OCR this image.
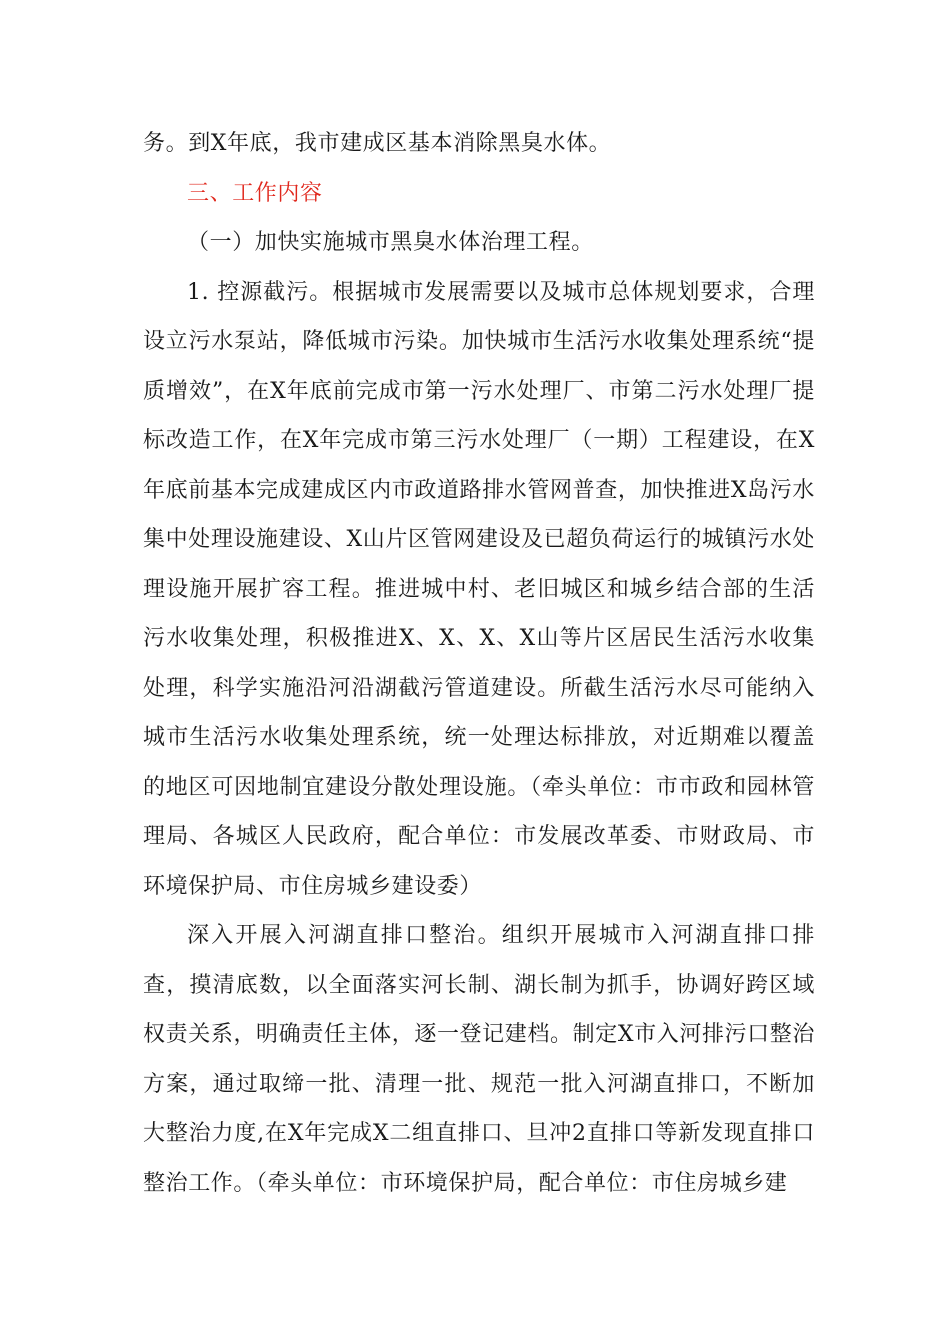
务。到X年底，我市建成区基本消除黑臭水体。

三、工作内容

（一）加快实施城市黑臭水体治理工程。

1. 控源截污。根据城市发展需要以及城市总体规划要求，合理设立污水泵站，降低城市污染。加快城市生活污水收集处理系统“提质增效”，在X年底前完成市第一污水处理厂、市第二污水处理厂提标改造工作，在X年完成市第三污水处理厂（一期）工程建设，在X年底前基本完成建成区内市政道路排水管网普查，加快推进X岛污水集中处理设施建设、X山片区管网建设及已超负荷运行的城镇污水处理设施开展扩容工程。推进城中村、老旧城区和城乡结合部的生活污水收集处理，积极推进X、X、X、X山等片区居民生活污水收集处理，科学实施沿河沿湖截污管道建设。所截生活污水尽可能纳入城市生活污水收集处理系统，统一处理达标排放，对近期难以覆盖的地区可因地制宜建设分散处理设施。（牵头单位：市市政和园林管理局、各城区人民政府，配合单位：市发展改革委、市财政局、市环境保护局、市住房城乡建设委）

深入开展入河湖直排口整治。组织开展城市入河湖直排口排查，摸清底数，以全面落实河长制、湖长制为抓手，协调好跨区域权责关系，明确责任主体，逐一登记建档。制定X市入河排污口整治方案，通过取缔一批、清理一批、规范一批入河湖直排口，不断加大整治力度,在X年完成X二组直排口、旦冲2直排口等新发现直排口整治工作。（牵头单位：市环境保护局，配合单位：市住房城乡建
